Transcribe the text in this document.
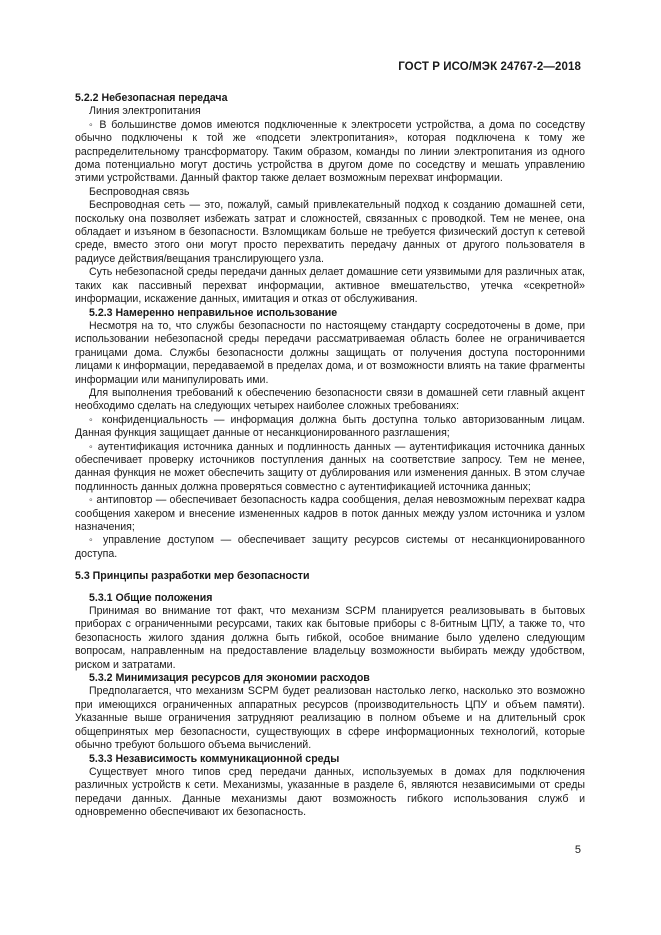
ГОСТ Р ИСО/МЭК 24767-2—2018
5.2.2 Небезопасная передача

Линия электропитания

◦ В большинстве домов имеются подключенные к электросети устройства, а дома по соседству обычно подключены к той же «подсети электропитания», которая подключена к тому же распределительному трансформатору. Таким образом, команды по линии электропитания из одного дома потенциально могут достичь устройства в другом доме по соседству и мешать управлению этими устройствами. Данный фактор также делает возможным перехват информации.

Беспроводная связь

Беспроводная сеть — это, пожалуй, самый привлекательный подход к созданию домашней сети, поскольку она позволяет избежать затрат и сложностей, связанных с проводкой. Тем не менее, она обладает и изъяном в безопасности. Взломщикам больше не требуется физический доступ к сетевой среде, вместо этого они могут просто перехватить передачу данных от другого пользователя в радиусе действия/вещания транслирующего узла.

Суть небезопасной среды передачи данных делает домашние сети уязвимыми для различных атак, таких как пассивный перехват информации, активное вмешательство, утечка «секретной» информации, искажение данных, имитация и отказ от обслуживания.

5.2.3 Намеренно неправильное использование

Несмотря на то, что службы безопасности по настоящему стандарту сосредоточены в доме, при использовании небезопасной среды передачи рассматриваемая область более не ограничивается границами дома. Службы безопасности должны защищать от получения доступа посторонними лицами к информации, передаваемой в пределах дома, и от возможности влиять на такие фрагменты информации или манипулировать ими.

Для выполнения требований к обеспечению безопасности связи в домашней сети главный акцент необходимо сделать на следующих четырех наиболее сложных требованиях:

◦ конфиденциальность — информация должна быть доступна только авторизованным лицам. Данная функция защищает данные от несанкционированного разглашения;

◦ аутентификация источника данных и подлинность данных — аутентификация источника данных обеспечивает проверку источников поступления данных на соответствие запросу. Тем не менее, данная функция не может обеспечить защиту от дублирования или изменения данных. В этом случае подлинность данных должна проверяться совместно с аутентификацией источника данных;

◦ антиповтор — обеспечивает безопасность кадра сообщения, делая невозможным перехват кадра сообщения хакером и внесение измененных кадров в поток данных между узлом источника и узлом назначения;

◦ управление доступом — обеспечивает защиту ресурсов системы от несанкционированного доступа.

5.3 Принципы разработки мер безопасности
5.3.1 Общие положения

Принимая во внимание тот факт, что механизм SCPM планируется реализовывать в бытовых приборах с ограниченными ресурсами, таких как бытовые приборы с 8-битным ЦПУ, а также то, что безопасность жилого здания должна быть гибкой, особое внимание было уделено следующим вопросам, направленным на предоставление владельцу возможности выбирать между удобством, риском и затратами.

5.3.2 Минимизация ресурсов для экономии расходов

Предполагается, что механизм SCPM будет реализован настолько легко, насколько это возможно при имеющихся ограниченных аппаратных ресурсов (производительность ЦПУ и объем памяти). Указанные выше ограничения затрудняют реализацию в полном объеме и на длительный срок общепринятых мер безопасности, существующих в сфере информационных технологий, которые обычно требуют большого объема вычислений.

5.3.3 Независимость коммуникационной среды

Существует много типов сред передачи данных, используемых в домах для подключения различных устройств к сети. Механизмы, указанные в разделе 6, являются независимыми от среды передачи данных. Данные механизмы дают возможность гибкого использования служб и одновременно обеспечивают их безопасность.

5
